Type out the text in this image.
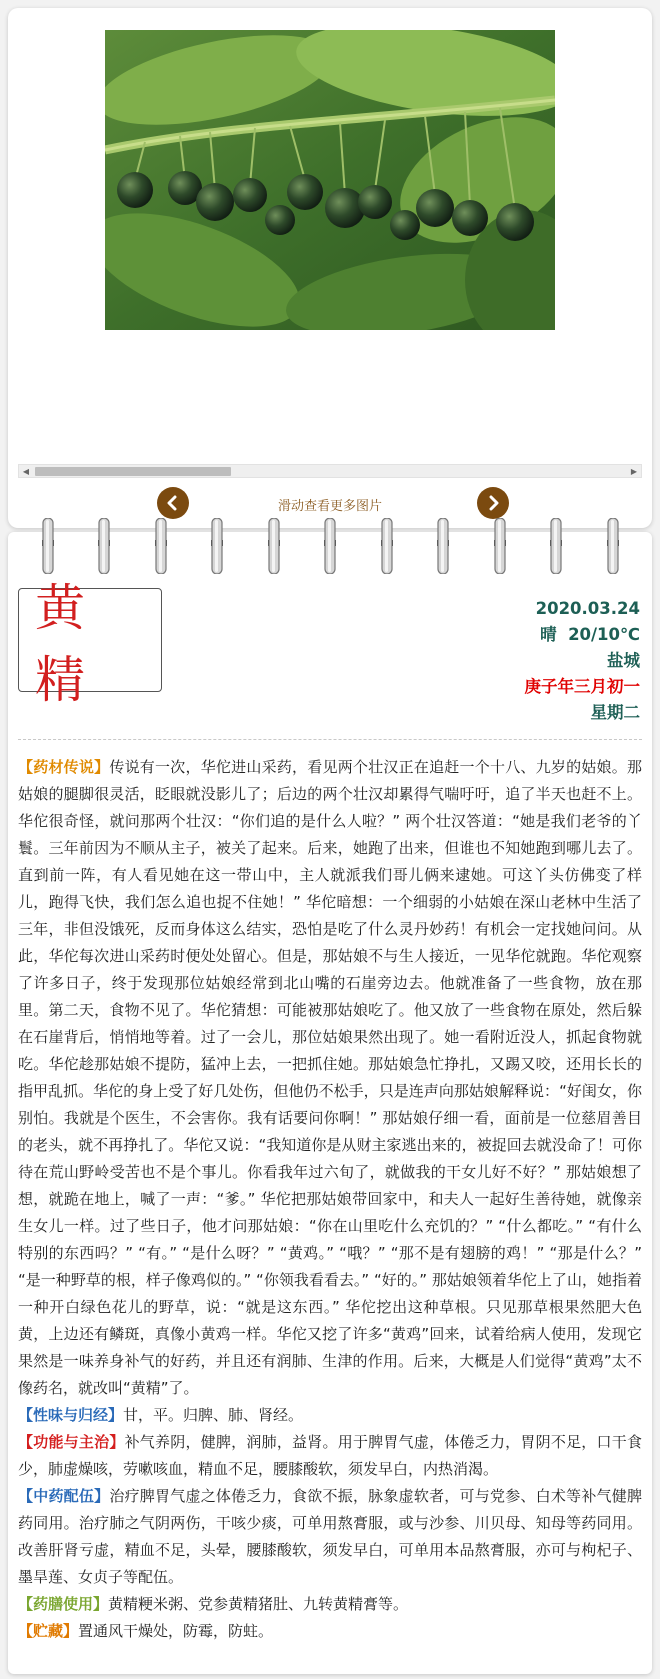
◀	▶
滑动查看更多图片
黄精
2020.03.24
晴  20/10℃
盐城
庚子年三月初一
星期二

【药材传说】传说有一次，华佗进山采药，看见两个壮汉正在追赶一个十八、九岁的姑娘。那姑娘的腿脚很灵活，眨眼就没影儿了；后边的两个壮汉却累得气喘吁吁，追了半天也赶不上。华佗很奇怪，就问那两个壮汉：“你们追的是什么人啦？” 两个壮汉答道：“她是我们老爷的丫鬟。三年前因为不顺从主子，被关了起来。后来，她跑了出来，但谁也不知她跑到哪儿去了。直到前一阵，有人看见她在这一带山中，主人就派我们哥儿俩来逮她。可这丫头仿佛变了样儿，跑得飞快，我们怎么追也捉不住她！” 华佗暗想：一个细弱的小姑娘在深山老林中生活了三年，非但没饿死，反而身体这么结实，恐怕是吃了什么灵丹妙药！有机会一定找她问问。从此，华佗每次进山采药时便处处留心。但是，那姑娘不与生人接近，一见华佗就跑。华佗观察了许多日子，终于发现那位姑娘经常到北山嘴的石崖旁边去。他就准备了一些食物，放在那里。第二天，食物不见了。华佗猜想：可能被那姑娘吃了。他又放了一些食物在原处，然后躲在石崖背后，悄悄地等着。过了一会儿，那位姑娘果然出现了。她一看附近没人，抓起食物就吃。华佗趁那姑娘不提防，猛冲上去，一把抓住她。那姑娘急忙挣扎，又踢又咬，还用长长的指甲乱抓。华佗的身上受了好几处伤，但他仍不松手，只是连声向那姑娘解释说：“好闺女，你别怕。我就是个医生，不会害你。我有话要问你啊！” 那姑娘仔细一看，面前是一位慈眉善目的老头，就不再挣扎了。华佗又说：“我知道你是从财主家逃出来的，被捉回去就没命了！可你待在荒山野岭受苦也不是个事儿。你看我年过六旬了，就做我的干女儿好不好？” 那姑娘想了想，就跪在地上，喊了一声：“爹。” 华佗把那姑娘带回家中，和夫人一起好生善待她，就像亲生女儿一样。过了些日子，他才问那姑娘：“你在山里吃什么充饥的？” “什么都吃。” “有什么特别的东西吗？” “有。” “是什么呀？” “黄鸡。” “哦？” “那不是有翅膀的鸡！” “那是什么？” “是一种野草的根，样子像鸡似的。” “你领我看看去。” “好的。” 那姑娘领着华佗上了山，她指着一种开白绿色花儿的野草，说：“就是这东西。” 华佗挖出这种草根。只见那草根果然肥大色黄，上边还有鳞斑，真像小黄鸡一样。华佗又挖了许多“黄鸡”回来，试着给病人使用，发现它果然是一味养身补气的好药，并且还有润肺、生津的作用。后来，大概是人们觉得“黄鸡”太不像药名，就改叫“黄精”了。

【性味与归经】甘，平。归脾、肺、肾经。

【功能与主治】补气养阴，健脾，润肺，益肾。用于脾胃气虚，体倦乏力，胃阴不足，口干食少，肺虚燥咳，劳嗽咳血，精血不足，腰膝酸软，须发早白，内热消渴。

【中药配伍】治疗脾胃气虚之体倦乏力，食欲不振，脉象虚软者，可与党参、白术等补气健脾药同用。治疗肺之气阴两伤，干咳少痰，可单用熬膏服，或与沙参、川贝母、知母等药同用。改善肝肾亏虚，精血不足，头晕，腰膝酸软，须发早白，可单用本品熬膏服，亦可与枸杞子、墨旱莲、女贞子等配伍。

【药膳使用】黄精粳米粥、党参黄精猪肚、九转黄精膏等。

【贮藏】置通风干燥处，防霉，防蛀。
